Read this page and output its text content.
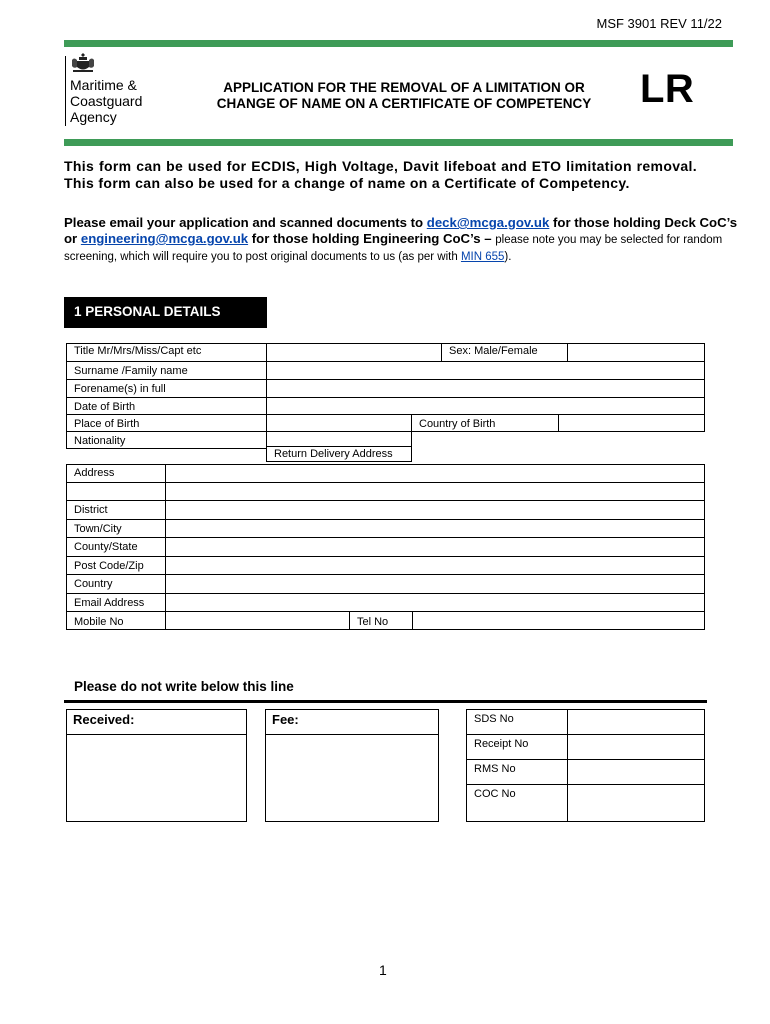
MSF 3901 REV 11/22
Maritime &
Coastguard
Agency
APPLICATION FOR THE REMOVAL OF A LIMITATION OR
CHANGE OF NAME ON A CERTIFICATE OF COMPETENCY	LR
This form can be used for ECDIS, High Voltage, Davit lifeboat and ETO limitation removal. This form can also be used for a change of name on a Certificate of Competency.
Please email your application and scanned documents to deck@mcga.gov.uk for those holding Deck CoC’s or engineering@mcga.gov.uk for those holding Engineering CoC’s – please note you may be selected for random screening, which will require you to post original documents to us (as per with MIN 655).
1 PERSONAL DETAILS
Title Mr/Mrs/Miss/Capt etc	Sex: Male/Female
Surname /Family name
Forename(s) in full
Date of Birth
Place of Birth	Country of Birth
Nationality
Return Delivery Address
Address
District
Town/City
County/State
Post Code/Zip
Country
Email Address
Mobile No	Tel No
Please do not write below this line
Received:	Fee:	SDS No
Receipt No
RMS No
COC No
1
